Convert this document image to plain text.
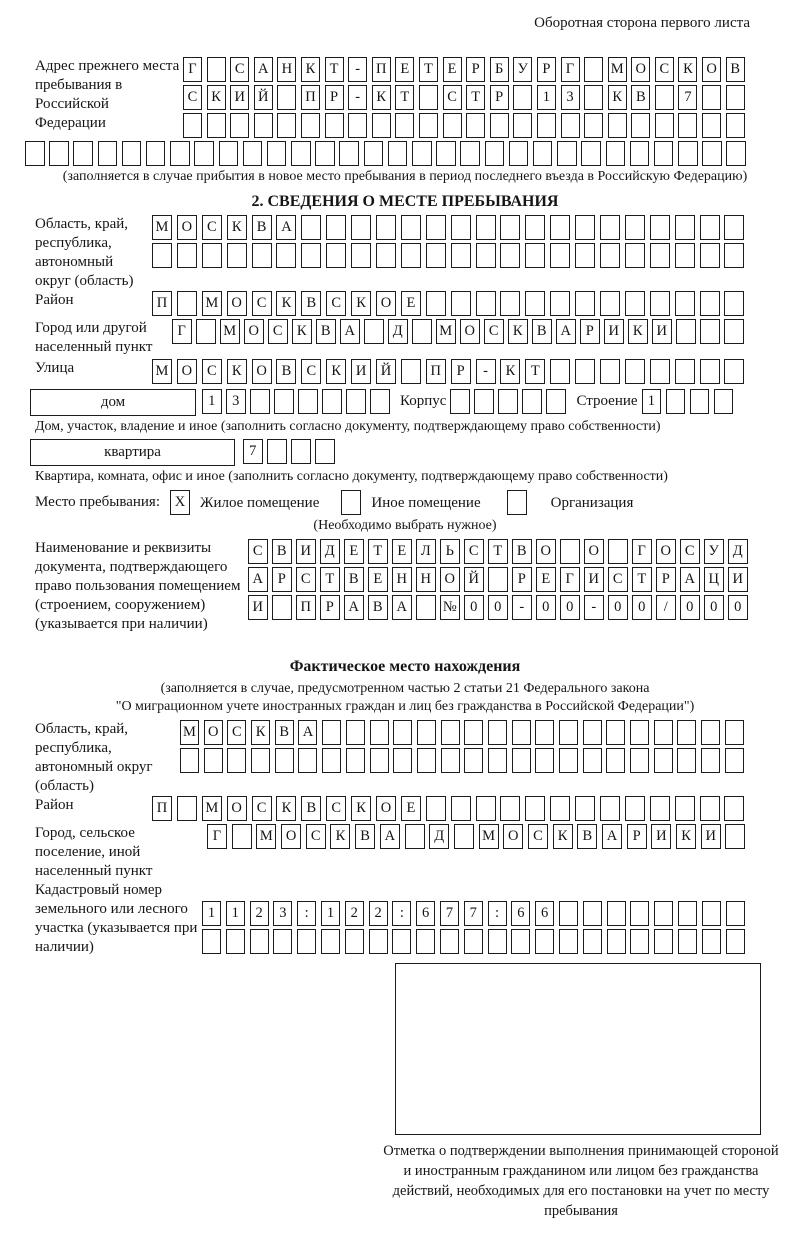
Оборотная сторона первого листа
Адрес прежнего места пребывания в Российской Федерации
Г	С А Н К Т	-	П Е	Т	Е	Р	Б У Р	Г	М О С К О В
С К И Й	П Р	-	К Т	С Т	Р	1	3	К В	7
(заполняется в случае прибытия в новое место пребывания в период последнего въезда в Российскую Федерацию)
2. СВЕДЕНИЯ О МЕСТЕ ПРЕБЫВАНИЯ
Область, край, республика, автономный округ (область)
М О	С	К	В	А
Район	П	М О	С	К	В	С	К	О	Е
Город или другой населенный пункт
Г	М О С К В А	Д	М О С К В А	Р	И К И
Улица	М О	С	К	О	В	С	К	И Й	П	Р	-	К	Т
дом	1	3	Корпус	Строение 1
Дом, участок, владение и иное (заполнить согласно документу, подтверждающему право собственности)
квартира	7
Квартира, комната, офис и иное (заполнить согласно документу, подтверждающему право собственности)
Место пребывания:	X Жилое помещение	Иное помещение	Организация
(Необходимо выбрать нужное)
Наименование и реквизиты документа, подтверждающего право пользования помещением (строением, сооружением) (указывается при наличии)
С В И Д	Е	Т	Е	Л	Ь	С	Т	В О	О	Г	О С У Д
А	Р	С	Т	В	Е Н Н О Й	Р	Е	Г	И С	Т	Р	А Ц И
И	П	Р	А В А	№ 0	0	-	0	0	-	0	0	/	0	0	0
Фактическое место нахождения
(заполняется в случае, предусмотренном частью 2 статьи 21 Федерального закона
"О миграционном учете иностранных граждан и лиц без гражданства в Российской Федерации")
Область, край, республика, автономный округ (область)
М О С К В А
Район	П	М О	С	К	В	С	К	О	Е
Город, сельское поселение, иной населенный пункт
Г	М О	С	К	В	А	Д	М О	С	К	В	А	Р	И	К	И
Кадастровый номер земельного или лесного участка (указывается при наличии)
1	1	2	3	:	1	2	2	:	6	7	7	:	6	6
Отметка о подтверждении выполнения принимающей стороной и иностранным гражданином или лицом без гражданства действий, необходимых для его постановки на учет по месту пребывания
